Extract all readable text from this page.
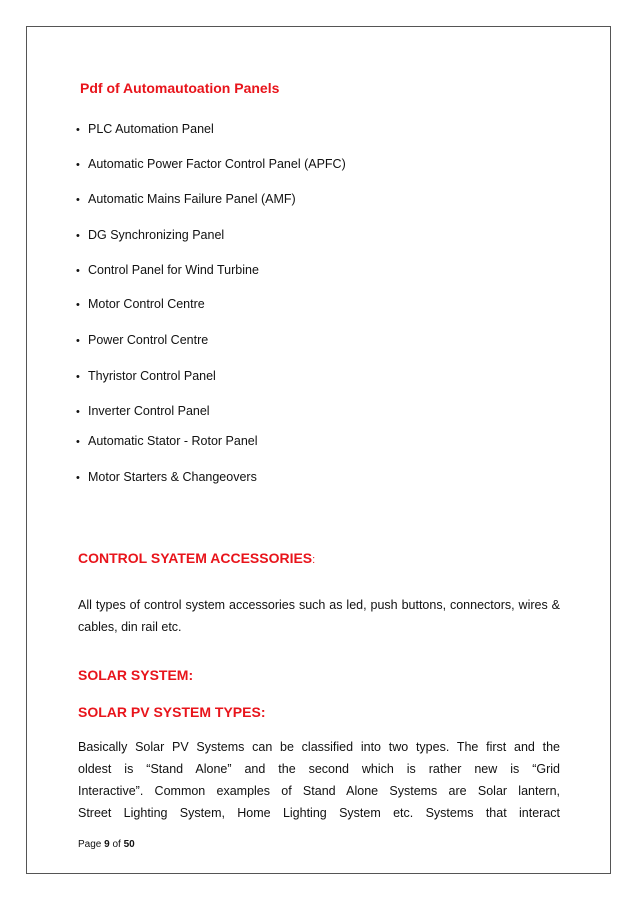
Pdf of Automautoation Panels
• PLC Automation Panel
• Automatic Power Factor Control Panel (APFC)
• Automatic Mains Failure Panel (AMF)
• DG Synchronizing Panel
• Control Panel for Wind Turbine
• Motor Control Centre
• Power Control Centre
• Thyristor Control Panel
• Inverter Control Panel
• Automatic Stator - Rotor Panel
• Motor Starters & Changeovers
CONTROL SYATEM ACCESSORIES:
All types of control system accessories such as led, push buttons, connectors, wires & cables, din rail etc.
SOLAR SYSTEM:
SOLAR PV SYSTEM TYPES:
Basically Solar PV Systems can be classified into two types. The first and the
oldest is “Stand Alone” and the second which is rather new is “Grid
Interactive”. Common examples of Stand Alone Systems are Solar lantern,
Street Lighting System, Home Lighting System etc. Systems that interact
Page 9 of 50
